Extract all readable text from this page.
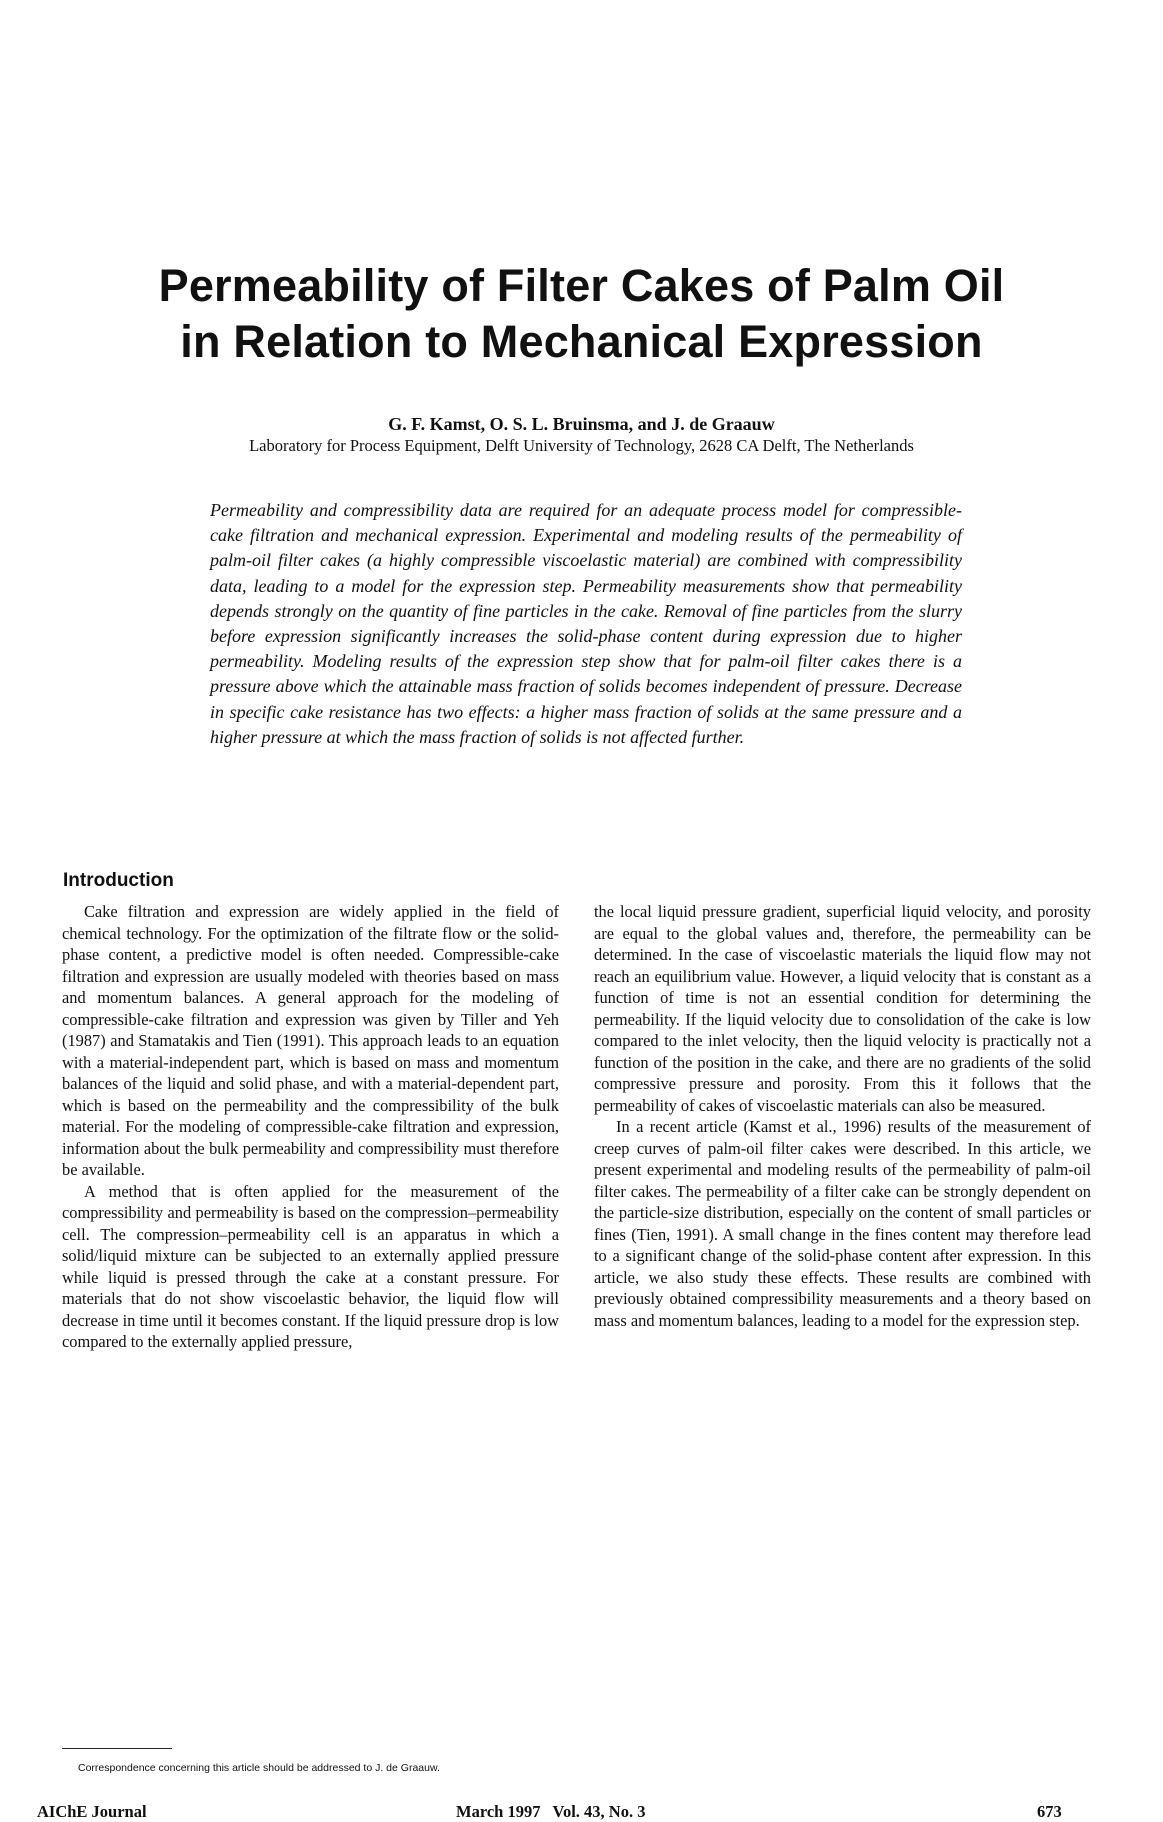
Permeability of Filter Cakes of Palm Oil
in Relation to Mechanical Expression
G. F. Kamst, O. S. L. Bruinsma, and J. de Graauw
Laboratory for Process Equipment, Delft University of Technology, 2628 CA Delft, The Netherlands
Permeability and compressibility data are required for an adequate process model for compressible-cake filtration and mechanical expression. Experimental and modeling results of the permeability of palm-oil filter cakes (a highly compressible viscoelastic material) are combined with compressibility data, leading to a model for the expression step. Permeability measurements show that permeability depends strongly on the quantity of fine particles in the cake. Removal of fine particles from the slurry before expression significantly increases the solid-phase content during expression due to higher permeability. Modeling results of the expression step show that for palm-oil filter cakes there is a pressure above which the attainable mass fraction of solids becomes independent of pressure. Decrease in specific cake resistance has two effects: a higher mass fraction of solids at the same pressure and a higher pressure at which the mass fraction of solids is not affected further.
Introduction

Cake filtration and expression are widely applied in the field of chemical technology. For the optimization of the filtrate flow or the solid-phase content, a predictive model is often needed. Compressible-cake filtration and expression are usually modeled with theories based on mass and momentum balances. A general approach for the modeling of compressible-cake filtration and expression was given by Tiller and Yeh (1987) and Stamatakis and Tien (1991). This approach leads to an equation with a material-independent part, which is based on mass and momentum balances of the liquid and solid phase, and with a material-dependent part, which is based on the permeability and the compressibility of the bulk material. For the modeling of compressible-cake filtration and expression, information about the bulk permeability and compressibility must therefore be available.

A method that is often applied for the measurement of the compressibility and permeability is based on the compression–permeability cell. The compression–permeability cell is an apparatus in which a solid/liquid mixture can be subjected to an externally applied pressure while liquid is pressed through the cake at a constant pressure. For materials that do not show viscoelastic behavior, the liquid flow will decrease in time until it becomes constant. If the liquid pressure drop is low compared to the externally applied pressure,

the local liquid pressure gradient, superficial liquid velocity, and porosity are equal to the global values and, therefore, the permeability can be determined. In the case of viscoelastic materials the liquid flow may not reach an equilibrium value. However, a liquid velocity that is constant as a function of time is not an essential condition for determining the permeability. If the liquid velocity due to consolidation of the cake is low compared to the inlet velocity, then the liquid velocity is practically not a function of the position in the cake, and there are no gradients of the solid compressive pressure and porosity. From this it follows that the permeability of cakes of viscoelastic materials can also be measured.

In a recent article (Kamst et al., 1996) results of the measurement of creep curves of palm-oil filter cakes were described. In this article, we present experimental and modeling results of the permeability of palm-oil filter cakes. The permeability of a filter cake can be strongly dependent on the particle-size distribution, especially on the content of small particles or fines (Tien, 1991). A small change in the fines content may therefore lead to a significant change of the solid-phase content after expression. In this article, we also study these effects. These results are combined with previously obtained compressibility measurements and a theory based on mass and momentum balances, leading to a model for the expression step.

Correspondence concerning this article should be addressed to J. de Graauw.
AIChE Journal	March 1997   Vol. 43, No. 3	673
